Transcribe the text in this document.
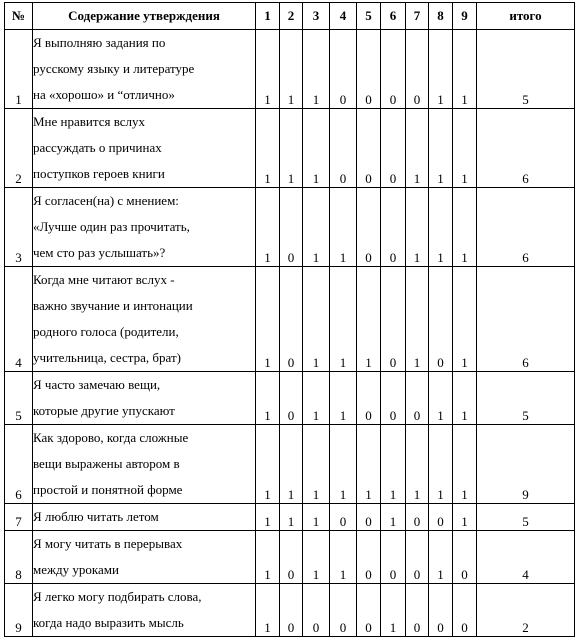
№	Содержание утверждения	1	2	3	4	5	6	7	8	9	итого
1	Я выполняю задания по
русскому языку и литературе
на «хорошо» и “отлично»	1	1	1	0	0	0	0	1	1	5
2	Мне нравится вслух
рассуждать о причинах
поступков героев книги	1	1	1	0	0	0	1	1	1	6
3	Я согласен(на) с мнением:
«Лучше один раз прочитать,
чем сто раз услышать»?	1	0	1	1	0	0	1	1	1	6
4	Когда мне читают вслух -
важно звучание и интонации
родного голоса (родители,
учительница, сестра, брат)	1	0	1	1	1	0	1	0	1	6
5	Я часто замечаю вещи,
которые другие упускают	1	0	1	1	0	0	0	1	1	5
6	Как здорово, когда сложные
вещи выражены автором в
простой и понятной форме	1	1	1	1	1	1	1	1	1	9
7	Я люблю читать летом	1	1	1	0	0	1	0	0	1	5
8	Я могу читать в перерывах
между уроками	1	0	1	1	0	0	0	1	0	4
9	Я легко могу подбирать слова,
когда надо выразить мысль	1	0	0	0	0	1	0	0	0	2
